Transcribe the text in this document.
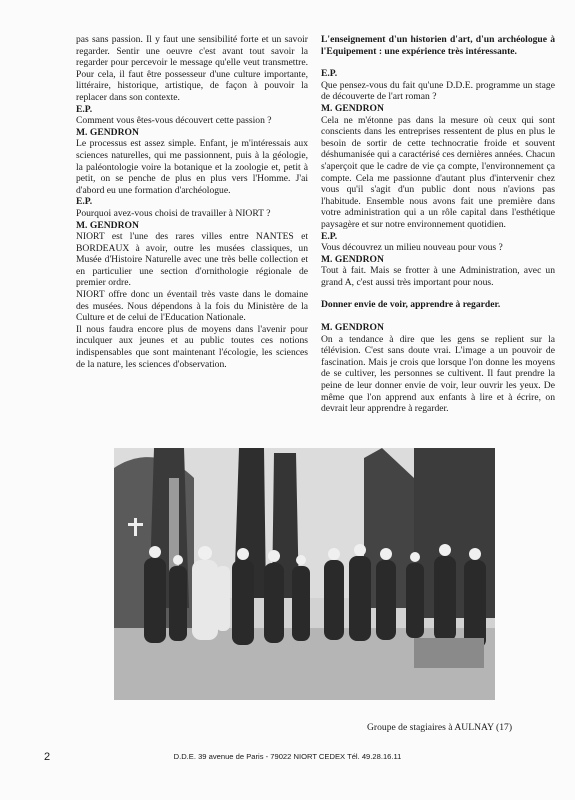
pas sans passion. Il y faut une sensibilité forte et un savoir regarder. Sentir une oeuvre c'est avant tout savoir la regarder pour percevoir le message qu'elle veut transmettre. Pour cela, il faut être possesseur d'une culture importante, littéraire, historique, artistique, de façon à pouvoir la replacer dans son contexte.

E.P.

Comment vous êtes-vous découvert cette passion ?

M. GENDRON

Le processus est assez simple. Enfant, je m'intéressais aux sciences naturelles, qui me passionnent, puis à la géologie, la paléontologie voire la botanique et la zoologie et, petit à petit, on se penche de plus en plus vers l'Homme. J'ai d'abord eu une formation d'archéologue.

E.P.

Pourquoi avez-vous choisi de travailler à NIORT ?

M. GENDRON

NIORT est l'une des rares villes entre NANTES et BORDEAUX à avoir, outre les musées classiques, un Musée d'Histoire Naturelle avec une très belle collection et en particulier une section d'ornithologie régionale de premier ordre.

NIORT offre donc un éventail très vaste dans le domaine des musées. Nous dépendons à la fois du Ministère de la Culture et de celui de l'Education Nationale.

Il nous faudra encore plus de moyens dans l'avenir pour inculquer aux jeunes et au public toutes ces notions indispensables que sont maintenant l'écologie, les sciences de la nature, les sciences d'observation.

L'enseignement d'un historien d'art, d'un archéologue à l'Equipement : une expérience très intéressante.

E.P.

Que pensez-vous du fait qu'une D.D.E. programme un stage de découverte de l'art roman ?

M. GENDRON

Cela ne m'étonne pas dans la mesure où ceux qui sont conscients dans les entreprises ressentent de plus en plus le besoin de sortir de cette technocratie froide et souvent déshumanisée qui a caractérisé ces dernières années. Chacun s'aperçoit que le cadre de vie ça compte, l'environnement ça compte. Cela me passionne d'autant plus d'intervenir chez vous qu'il s'agit d'un public dont nous n'avions pas l'habitude. Ensemble nous avons fait une première dans votre administration qui a un rôle capital dans l'esthétique paysagère et sur notre environnement quotidien.

E.P.

Vous découvrez un milieu nouveau pour vous ?

M. GENDRON

Tout à fait. Mais se frotter à une Administration, avec un grand A, c'est aussi très important pour nous.

Donner envie de voir, apprendre à regarder.

M. GENDRON

On a tendance à dire que les gens se replient sur la télévision. C'est sans doute vrai. L'image a un pouvoir de fascination. Mais je crois que lorsque l'on donne les moyens de se cultiver, les personnes se cultivent. Il faut prendre la peine de leur donner envie de voir, leur ouvrir les yeux. De même que l'on apprend aux enfants à lire et à écrire, on devrait leur apprendre à regarder.

Groupe de stagiaires à AULNAY (17)
2	D.D.E. 39 avenue de Paris - 79022 NIORT CEDEX Tél. 49.28.16.11
